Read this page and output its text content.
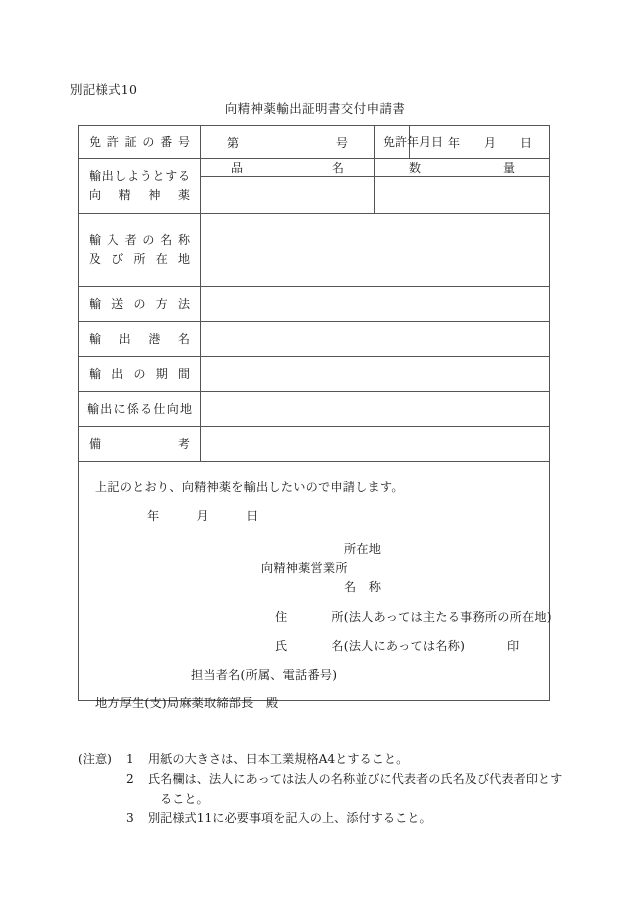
別記様式10
向精神薬輸出証明書交付申請書
免許証の番号	第　　　　号	免許年月日	年　　月　　日

輸出しようとする
向精神薬	品　　　　名	数　　　　量	

輸入者の名称
及び所在地			

輸送の方法			
輸出港名			
輸出の期間			
輸出に係る仕向地			
備考			

上記のとおり、向精神薬を輸出したいので申請します。
年　　　月　　　日
所在地
向精神薬営業所
名　称
住	所(法人あっては主たる事務所の所在地)
氏	名(法人にあっては名称)	印
担当者名(所属、電話番号)
地方厚生(支)局麻薬取締部長　殿
(注意)	1	用紙の大きさは、日本工業規格A4とすること。
2	氏名欄は、法人にあっては法人の名称並びに代表者の氏名及び代表者印とす
ること。
3	別記様式11に必要事項を記入の上、添付すること。
